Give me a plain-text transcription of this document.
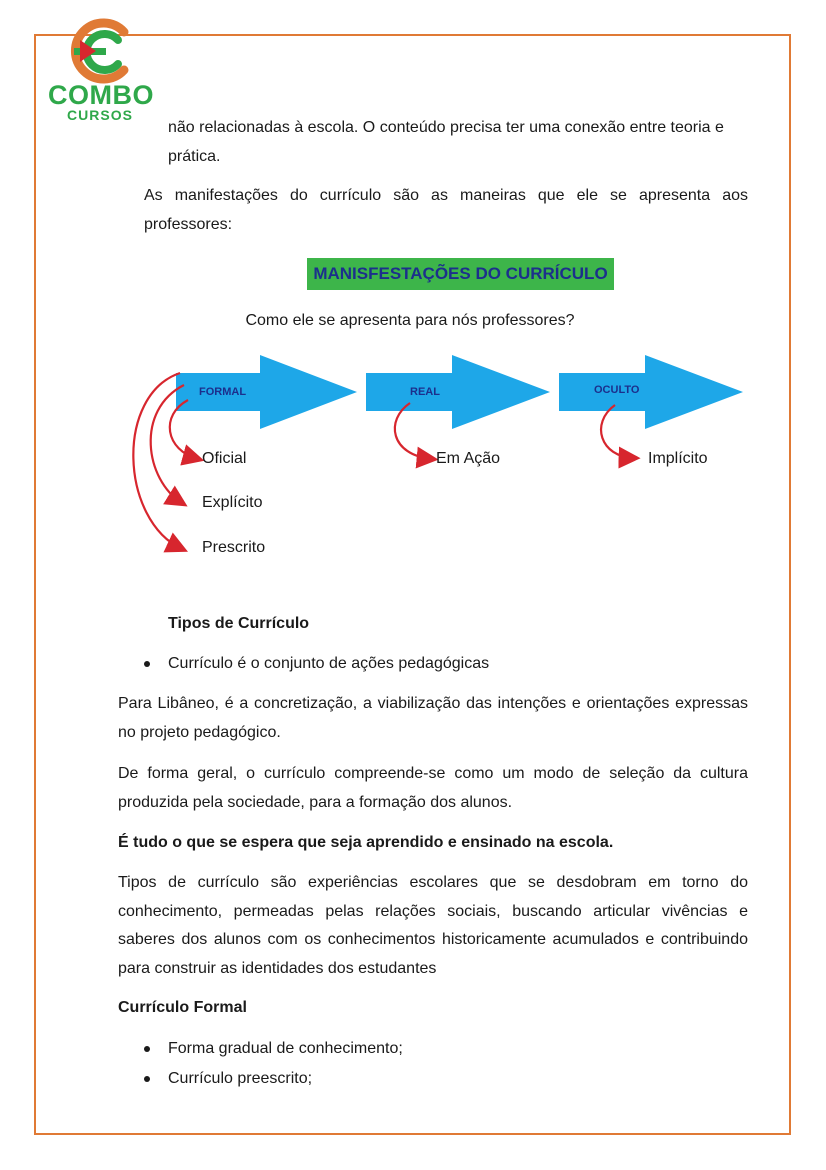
COMBO
CURSOS

não relacionadas à escola. O conteúdo precisa ter uma conexão entre teoria e prática.

As manifestações do currículo são as maneiras que ele se apresenta aos professores:

MANISFESTAÇÕES DO CURRÍCULO
Como ele se apresenta para nós professores?
FORMAL	REAL	OCULTO
Oficial
Explícito
Prescrito
Em Ação	Implícito

Tipos de Currículo

Currículo é o conjunto de ações pedagógicas

Para Libâneo, é a concretização, a viabilização das intenções e orientações expressas no projeto pedagógico.

De forma geral, o currículo compreende-se como um modo de seleção da cultura produzida pela sociedade, para a formação dos alunos.

É tudo o que se espera que seja aprendido e ensinado na escola.

Tipos de currículo são experiências escolares que se desdobram em torno do conhecimento, permeadas pelas relações sociais, buscando articular vivências e saberes dos alunos com os conhecimentos historicamente acumulados e contribuindo para construir as identidades dos estudantes

Currículo Formal

Forma gradual de conhecimento;

Currículo preescrito;
